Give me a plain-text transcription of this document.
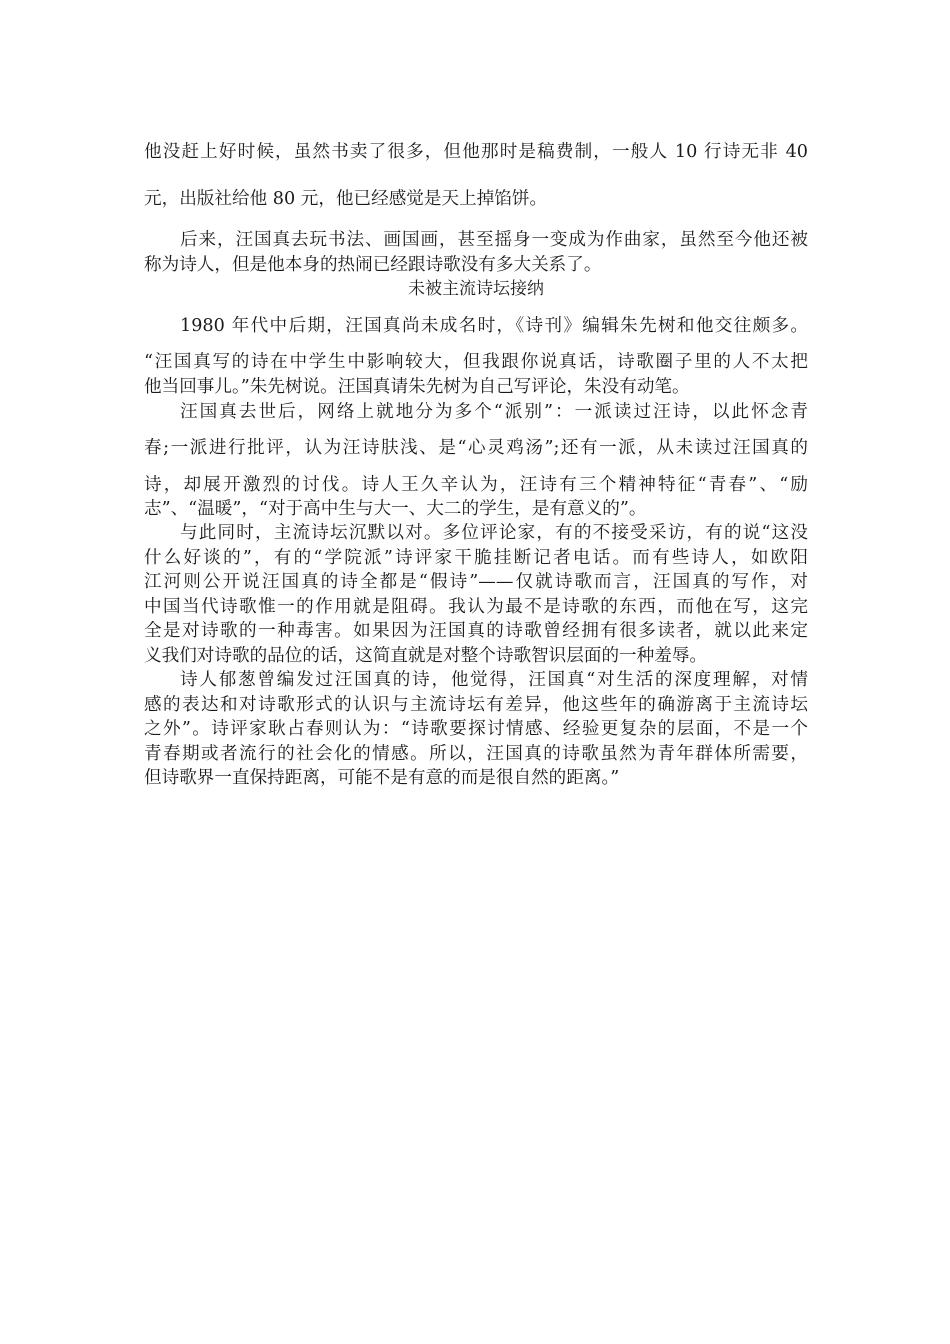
他没赶上好时候，虽然书卖了很多，但他那时是稿费制，一般人 10 行诗无非 40
元，出版社给他 80 元，他已经感觉是天上掉馅饼。
后来，汪国真去玩书法、画国画，甚至摇身一变成为作曲家，虽然至今他还被
称为诗人，但是他本身的热闹已经跟诗歌没有多大关系了。
未被主流诗坛接纳
1980 年代中后期，汪国真尚未成名时，《诗刊》编辑朱先树和他交往颇多。
“汪国真写的诗在中学生中影响较大，但我跟你说真话，诗歌圈子里的人不太把
他当回事儿。”朱先树说。汪国真请朱先树为自己写评论，朱没有动笔。
汪国真去世后，网络上就地分为多个“派别”：一派读过汪诗，以此怀念青
春;一派进行批评，认为汪诗肤浅、是“心灵鸡汤”;还有一派，从未读过汪国真的
诗，却展开激烈的讨伐。诗人王久辛认为，汪诗有三个精神特征“青春”、“励
志”、“温暖”，“对于高中生与大一、大二的学生，是有意义的”。
与此同时，主流诗坛沉默以对。多位评论家，有的不接受采访，有的说“这没
什么好谈的”，有的“学院派”诗评家干脆挂断记者电话。而有些诗人，如欧阳
江河则公开说汪国真的诗全都是“假诗”——仅就诗歌而言，汪国真的写作，对
中国当代诗歌惟一的作用就是阻碍。我认为最不是诗歌的东西，而他在写，这完
全是对诗歌的一种毒害。如果因为汪国真的诗歌曾经拥有很多读者，就以此来定
义我们对诗歌的品位的话，这简直就是对整个诗歌智识层面的一种羞辱。
诗人郁葱曾编发过汪国真的诗，他觉得，汪国真“对生活的深度理解，对情
感的表达和对诗歌形式的认识与主流诗坛有差异，他这些年的确游离于主流诗坛
之外”。诗评家耿占春则认为：“诗歌要探讨情感、经验更复杂的层面，不是一个
青春期或者流行的社会化的情感。所以，汪国真的诗歌虽然为青年群体所需要，
但诗歌界一直保持距离，可能不是有意的而是很自然的距离。”
